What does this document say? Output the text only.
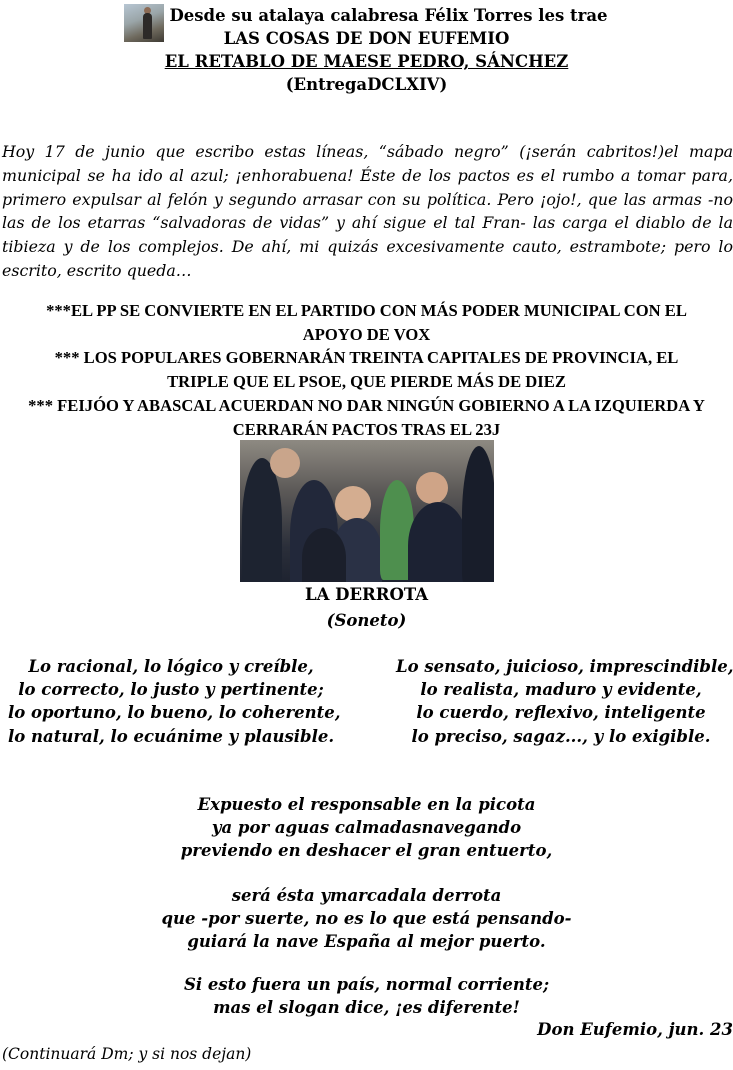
Desde su atalaya calabresa Félix Torres les trae
LAS COSAS DE DON EUFEMIO
EL RETABLO DE MAESE PEDRO, SÁNCHEZ
(EntregaDCLXIV)
Hoy 17 de junio que escribo estas líneas, “sábado negro” (¡serán cabritos!)el mapa municipal se ha ido al azul; ¡enhorabuena! Éste de los pactos es el rumbo a tomar para, primero expulsar al felón y segundo arrasar con su política. Pero ¡ojo!, que las armas -no las de los etarras “salvadoras de vidas” y ahí sigue el tal Fran- las carga el diablo de la tibieza y de los complejos. De ahí, mi quizás excesivamente cauto, estrambote; pero lo escrito, escrito queda…
***EL PP SE CONVIERTE EN EL PARTIDO CON MÁS PODER MUNICIPAL CON EL
APOYO DE VOX
*** LOS POPULARES GOBERNARÁN TREINTA CAPITALES DE PROVINCIA, EL
TRIPLE QUE EL PSOE, QUE PIERDE MÁS DE DIEZ
*** FEIJÓO Y ABASCAL ACUERDAN NO DAR NINGÚN GOBIERNO A LA IZQUIERDA Y
CERRARÁN PACTOS TRAS EL 23J
LA DERROTA
(Soneto)
Lo racional, lo lógico y creíble,
lo correcto, lo justo y pertinente;
lo oportuno, lo bueno, lo coherente,
lo natural, lo ecuánime y plausible.
Lo sensato, juicioso, imprescindible,
lo realista, maduro y evidente,
lo cuerdo, reflexivo, inteligente
lo preciso, sagaz..., y lo exigible.
Expuesto el responsable en la picota
ya por aguas calmadasnavegando
previendo en deshacer el gran entuerto,
será ésta ymarcadala derrota
que -por suerte, no es lo que está pensando-
guiará la nave España al mejor puerto.
Si esto fuera un país, normal corriente;
mas el slogan dice, ¡es diferente!
Don Eufemio, jun. 23
(Continuará Dm; y si nos dejan)
